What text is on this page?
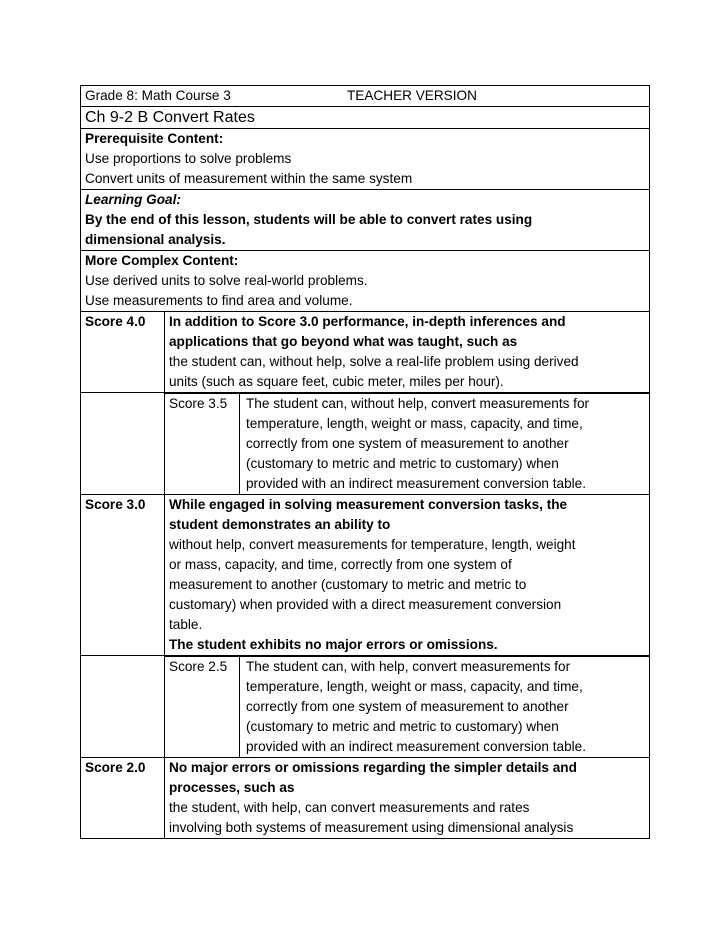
Grade 8: Math Course 3	TEACHER VERSION
Ch 9-2 B Convert Rates

Prerequisite Content:
Use proportions to solve problems
Convert units of measurement within the same system

Learning Goal:
By the end of this lesson, students will be able to convert rates using
dimensional analysis.

More Complex Content:
Use derived units to solve real-world problems.
Use measurements to find area and volume.

Score 4.0	In addition to Score 3.0 performance, in-depth inferences and
applications that go beyond what was taught, such as
the student can, without help, solve a real-life problem using derived
units (such as square feet, cubic meter, miles per hour).

Score 3.5	The student can, without help, convert measurements for
temperature, length, weight or mass, capacity, and time,
correctly from one system of measurement to another
(customary to metric and metric to customary) when
provided with an indirect measurement conversion table.

Score 3.0	While engaged in solving measurement conversion tasks, the
student demonstrates an ability to
without help, convert measurements for temperature, length, weight
or mass, capacity, and time, correctly from one system of
measurement to another (customary to metric and metric to
customary) when provided with a direct measurement conversion
table.
The student exhibits no major errors or omissions.

Score 2.5	The student can, with help, convert measurements for
temperature, length, weight or mass, capacity, and time,
correctly from one system of measurement to another
(customary to metric and metric to customary) when
provided with an indirect measurement conversion table.

Score 2.0	No major errors or omissions regarding the simpler details and
processes, such as
the student, with help, can convert measurements and rates
involving both systems of measurement using dimensional analysis
